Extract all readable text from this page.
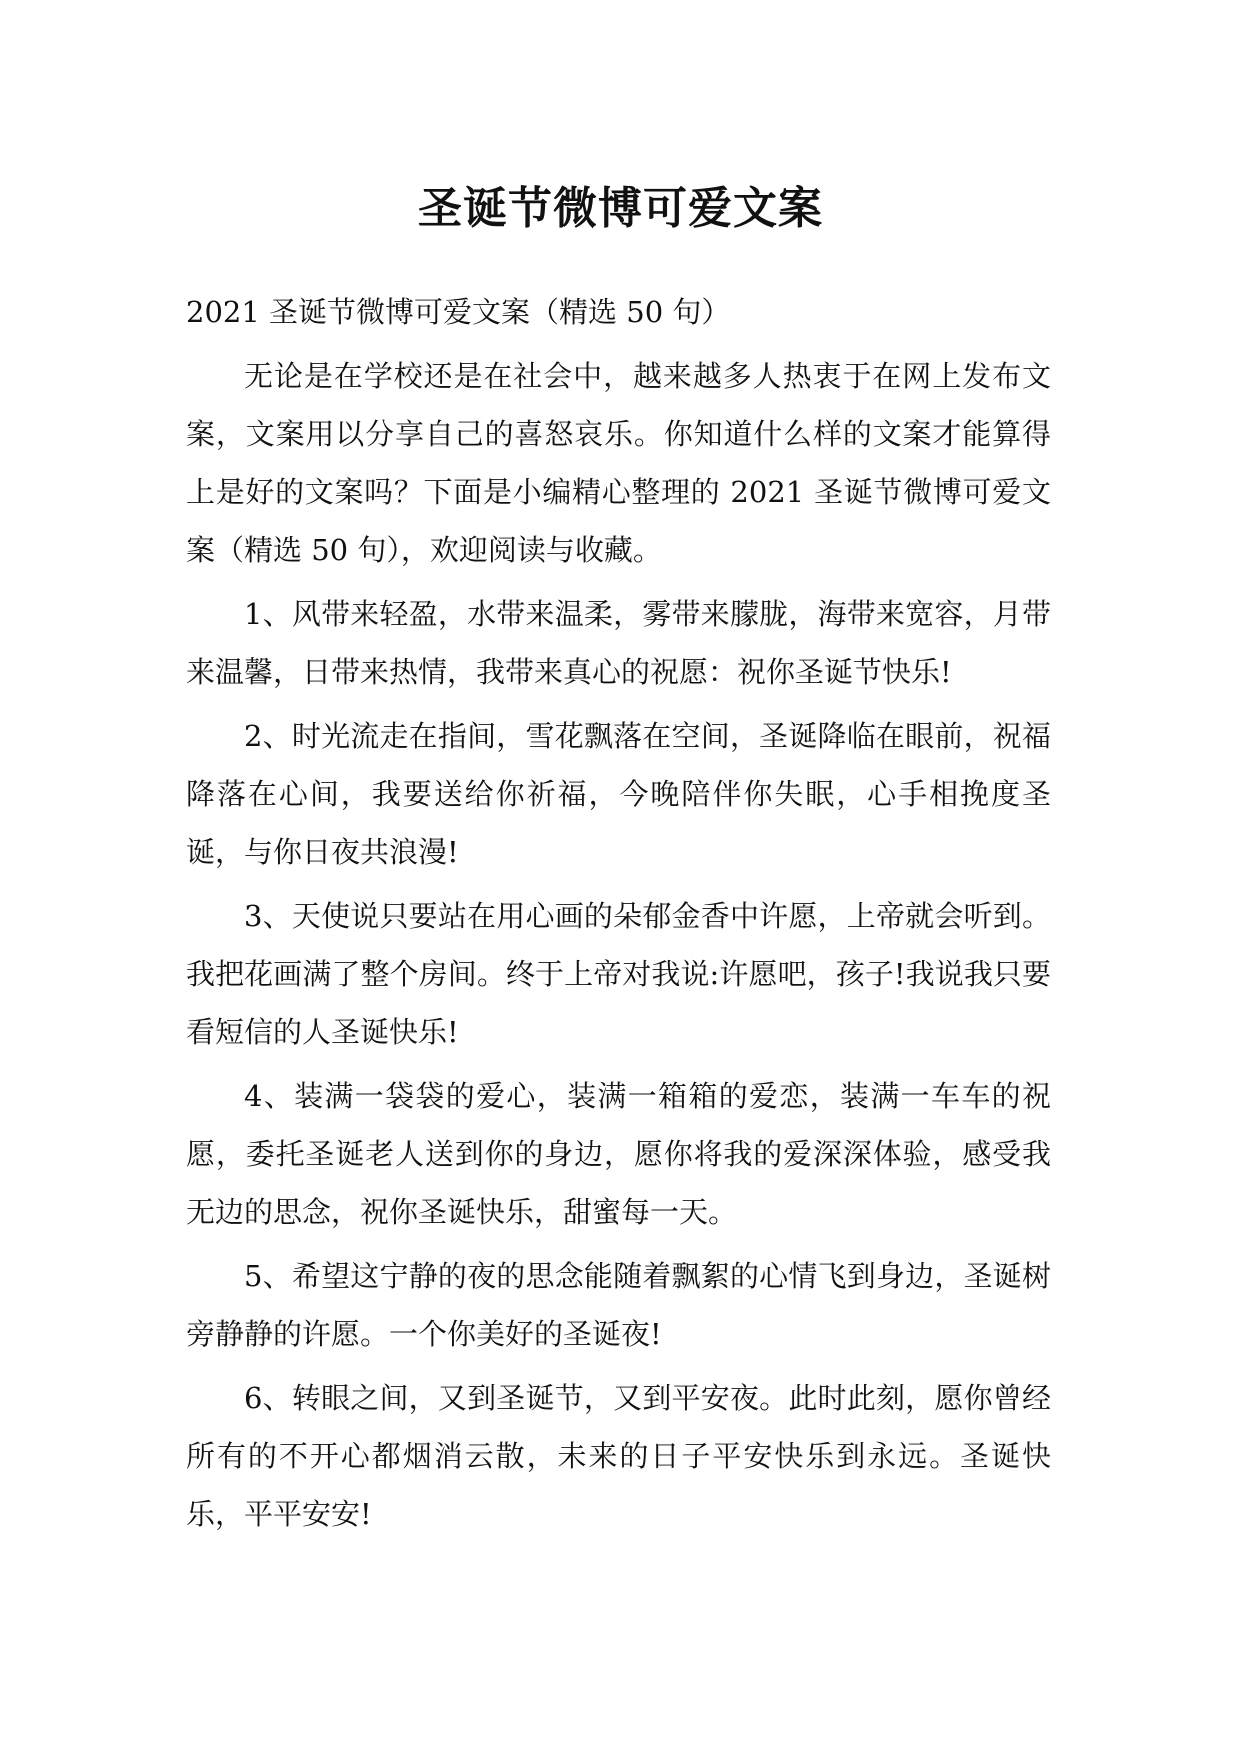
圣诞节微博可爱文案

2021 圣诞节微博可爱文案（精选 50 句）

无论是在学校还是在社会中，越来越多人热衷于在网上发布文案，文案用以分享自己的喜怒哀乐。你知道什么样的文案才能算得上是好的文案吗？下面是小编精心整理的 2021 圣诞节微博可爱文案（精选 50 句），欢迎阅读与收藏。

1、风带来轻盈，水带来温柔，雾带来朦胧，海带来宽容，月带来温馨，日带来热情，我带来真心的祝愿：祝你圣诞节快乐!

2、时光流走在指间，雪花飘落在空间，圣诞降临在眼前，祝福降落在心间，我要送给你祈福，今晚陪伴你失眠，心手相挽度圣诞，与你日夜共浪漫!

3、天使说只要站在用心画的朵郁金香中许愿，上帝就会听到。我把花画满了整个房间。终于上帝对我说:许愿吧，孩子!我说我只要看短信的人圣诞快乐!

4、装满一袋袋的爱心，装满一箱箱的爱恋，装满一车车的祝愿，委托圣诞老人送到你的身边，愿你将我的爱深深体验，感受我无边的思念，祝你圣诞快乐，甜蜜每一天。

5、希望这宁静的夜的思念能随着飘絮的心情飞到身边，圣诞树旁静静的许愿。一个你美好的圣诞夜!

6、转眼之间，又到圣诞节，又到平安夜。此时此刻，愿你曾经所有的不开心都烟消云散，未来的日子平安快乐到永远。圣诞快乐，平平安安!
